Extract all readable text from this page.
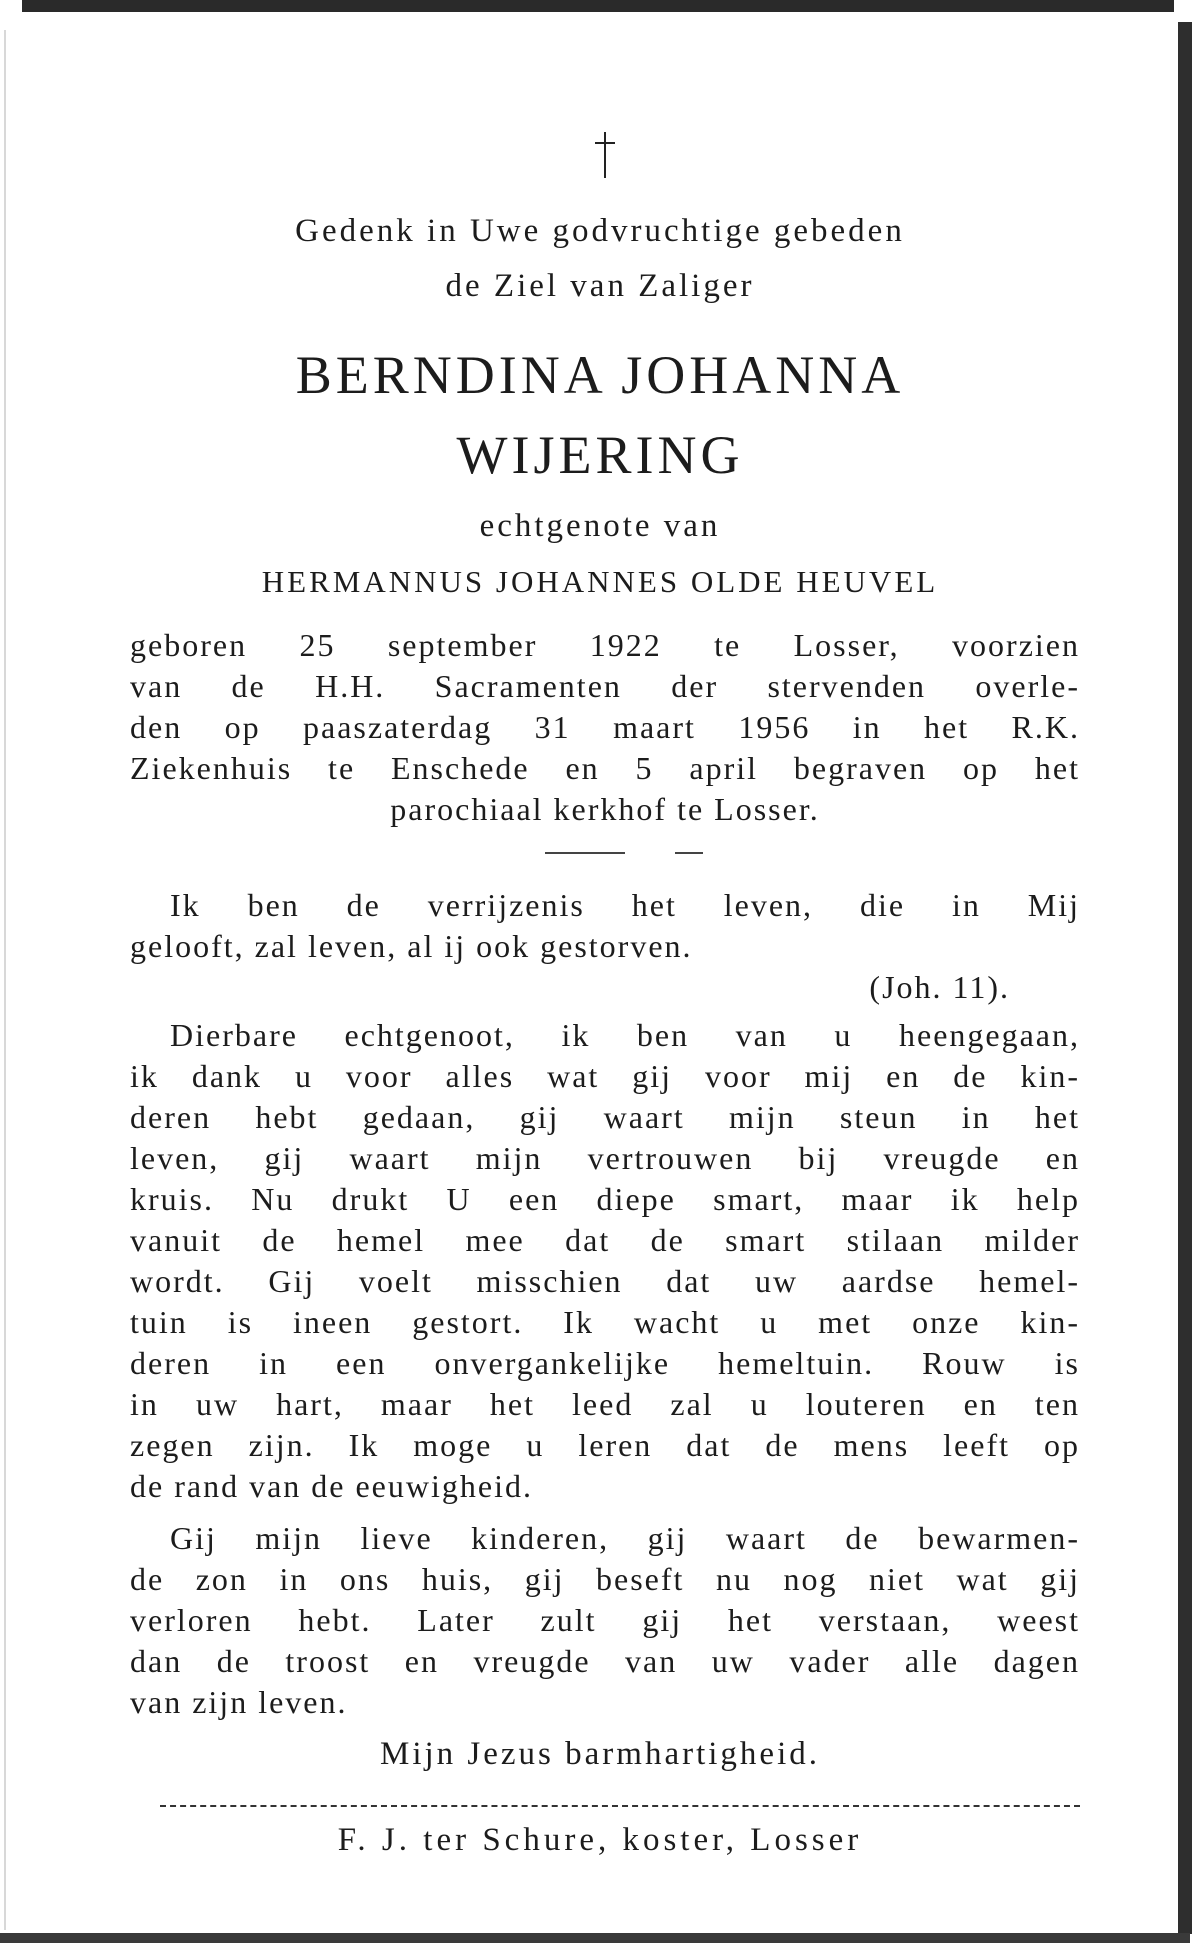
Gedenk in Uwe godvruchtige gebeden
de Ziel van Zaliger
BERNDINA JOHANNA
WIJERING
echtgenote van
HERMANNUS JOHANNES OLDE HEUVEL
geboren 25 september 1922 te Losser, voorzien
van de H.H. Sacramenten der stervenden overle-
den op paaszaterdag 31 maart 1956 in het R.K.
Ziekenhuis te Enschede en 5 april begraven op het
parochiaal kerkhof te Losser.
Ik ben de verrijzenis het leven, die in Mij
gelooft, zal leven, al ij ook gestorven.
(Joh. 11).
Dierbare echtgenoot, ik ben van u heengegaan,
ik dank u voor alles wat gij voor mij en de kin-
deren hebt gedaan, gij waart mijn steun in het
leven, gij waart mijn vertrouwen bij vreugde en
kruis. Nu drukt U een diepe smart, maar ik help
vanuit de hemel mee dat de smart stilaan milder
wordt. Gij voelt misschien dat uw aardse hemel-
tuin is ineen gestort. Ik wacht u met onze kin-
deren in een onvergankelijke hemeltuin. Rouw is
in uw hart, maar het leed zal u louteren en ten
zegen zijn. Ik moge u leren dat de mens leeft op
de rand van de eeuwigheid.
Gij mijn lieve kinderen, gij waart de bewarmen-
de zon in ons huis, gij beseft nu nog niet wat gij
verloren hebt. Later zult gij het verstaan, weest
dan de troost en vreugde van uw vader alle dagen
van zijn leven.
Mijn Jezus barmhartigheid.
F. J. ter Schure, koster, Losser
